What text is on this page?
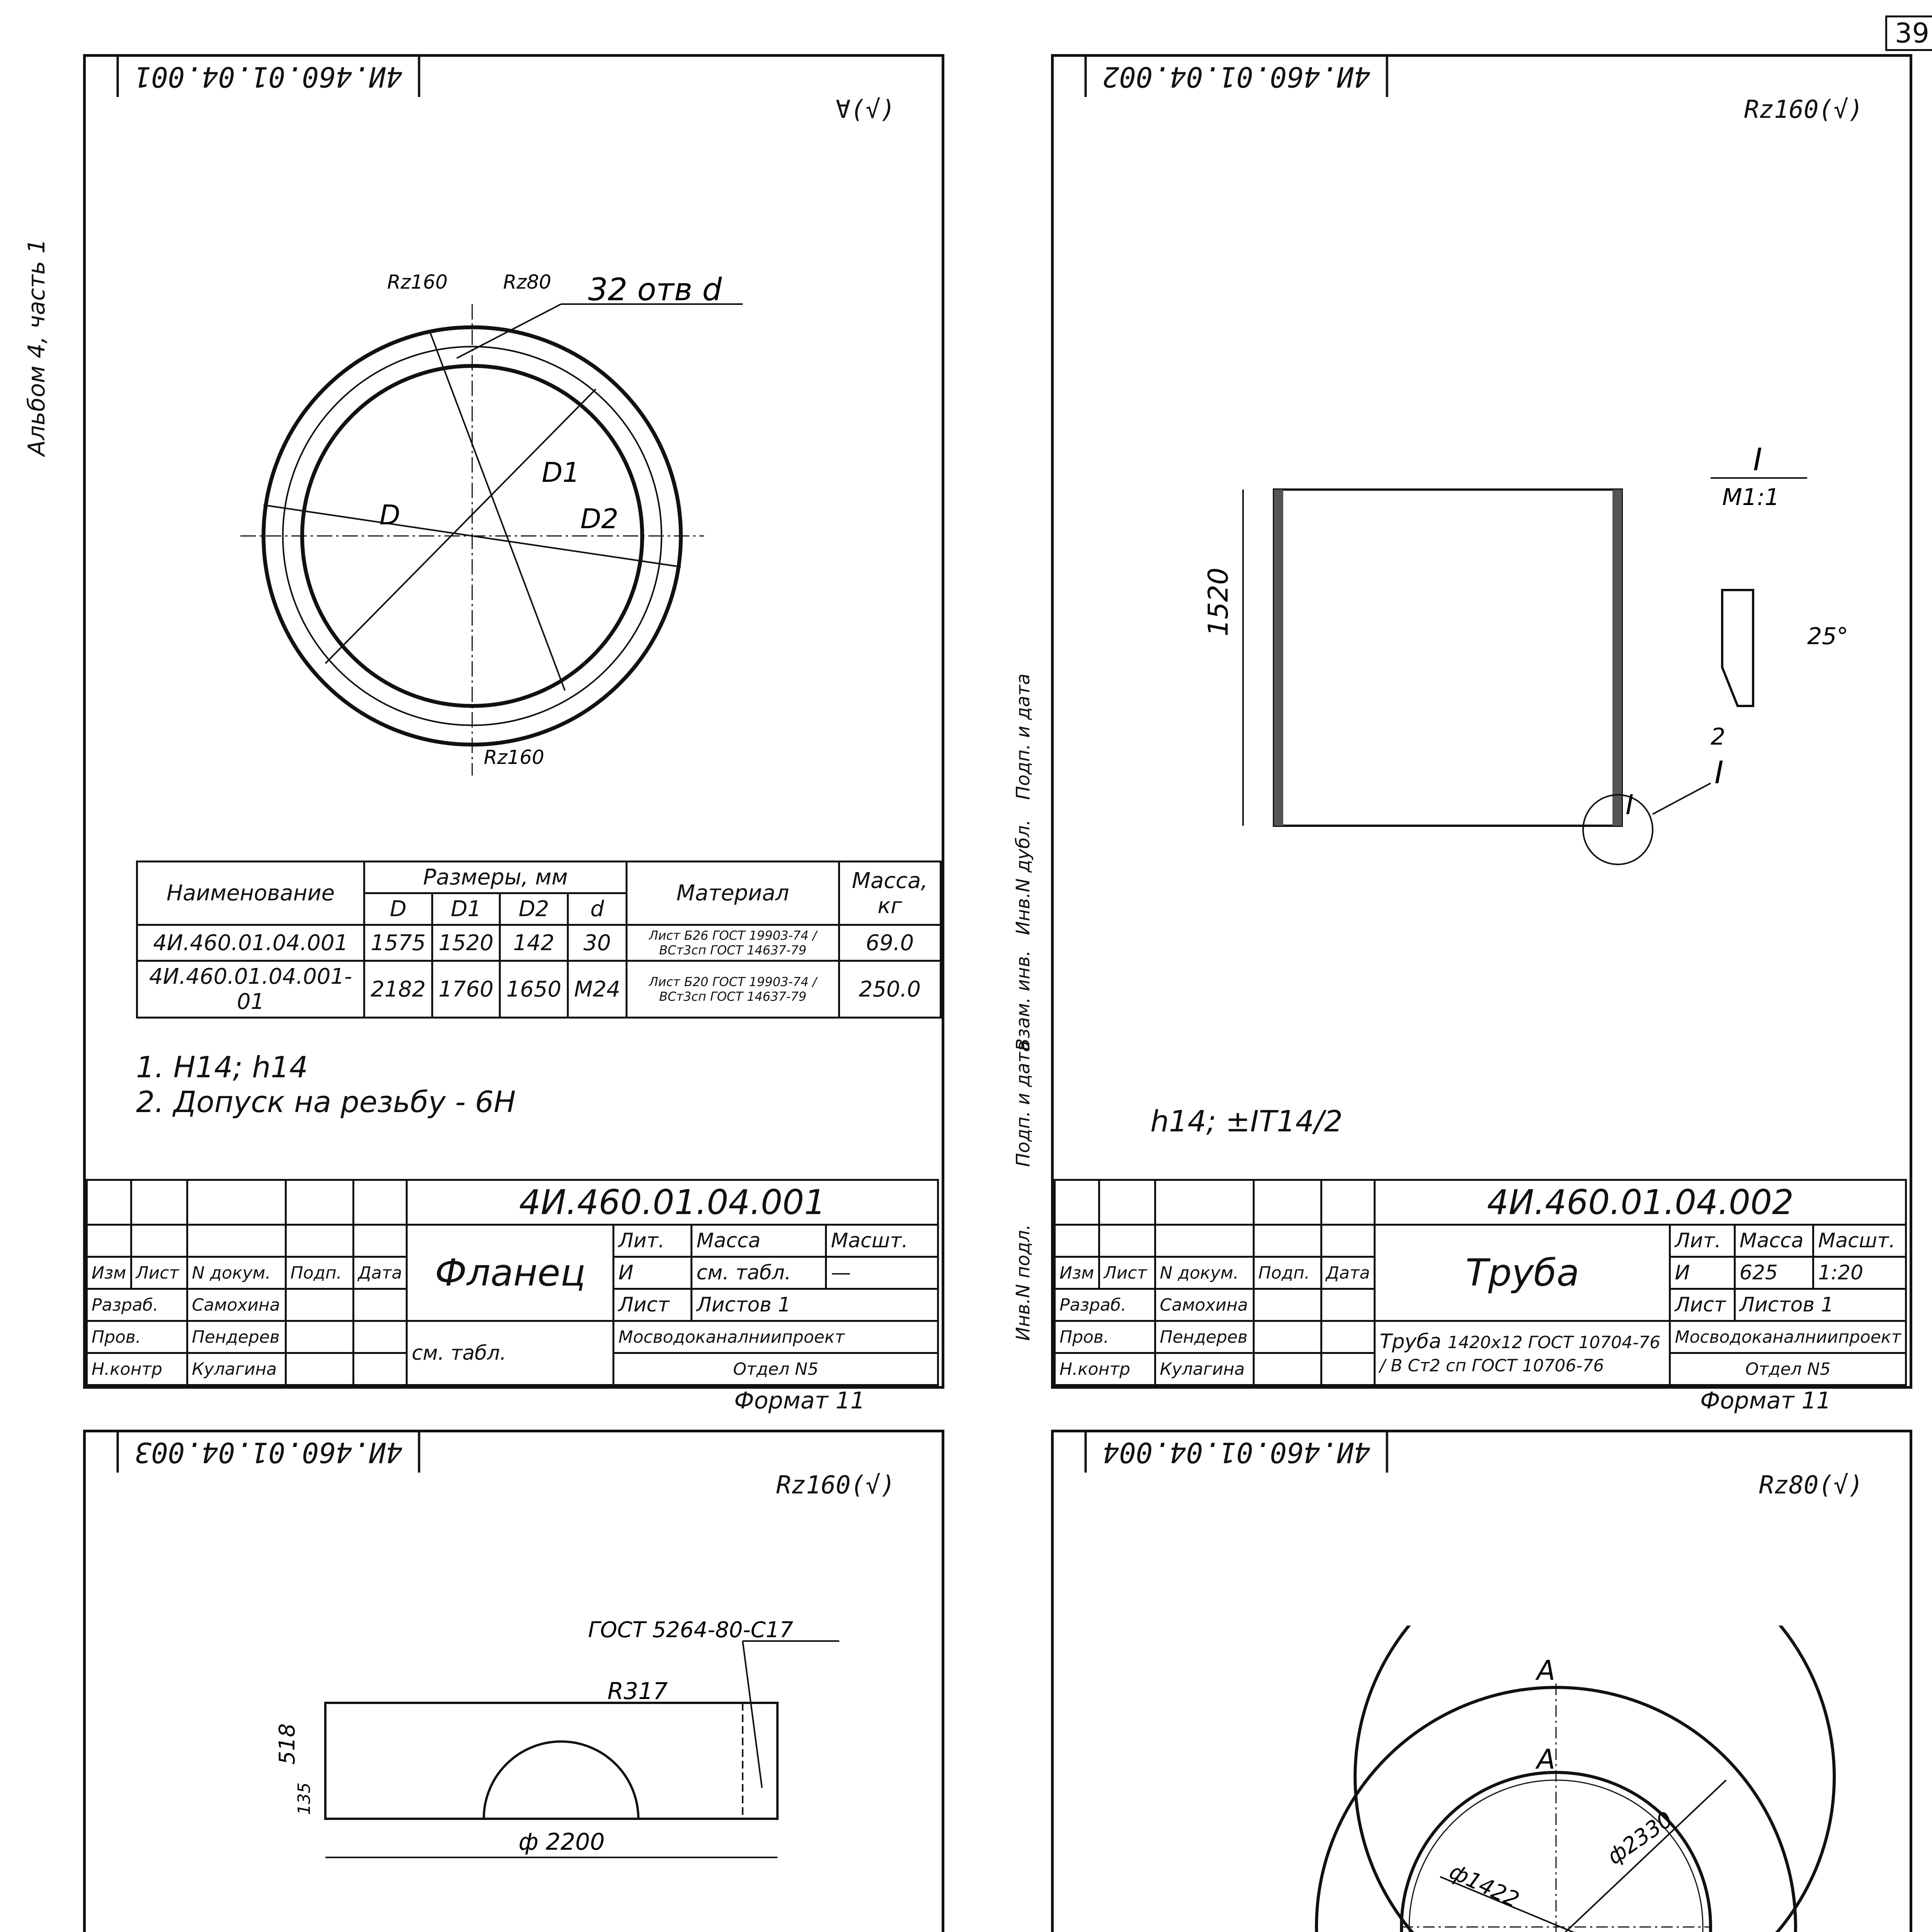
39
Альбом 4, часть 1
4И.460.01.04.001
∀(√)
32 отв d
Rz160	Rz80
Rz160
D
D1
D2
Наименование	Размеры, мм				Материал	Масса, кг
	D	D1	D2	d		
4И.460.01.04.001	1575	1520	142	30	Лист Б26 ГОСТ 19903-74 / ВСт3сп ГОСТ 14637-79	69.0
4И.460.01.04.001-01	2182	1760	1650	М24	Лист Б20 ГОСТ 19903-74 / ВСт3сп ГОСТ 14637-79	250.0
1. H14; h14
2. Допуск на резьбу - 6H
					4И.460.01.04.001			
					Фланец	Лит.	Масса	Масшт.
Изм	Лист	N докум.	Подп.	Дата		И	см. табл.	—
Разраб.		Самохина				Лист	Листов 1	
Пров.		Пендерев			см. табл.	Мосводоканалниипроект		
Н.контр		Кулагина				Отдел N5		
Формат 11
4И.460.01.04.002
Rz160(√)
1520
I
I
I
М1:1
25°
2
h14; ±IT14/2
					4И.460.01.04.002			
					Труба	Лит.	Масса	Масшт.
Изм	Лист	N докум.	Подп.	Дата		И	625	1:20
Разраб.		Самохина				Лист	Листов 1	
Пров.		Пендерев			Труба 1420x12 ГОСТ 10704-76 / В Ст2 сп ГОСТ 10706-76	Мосводоканалниипроект		
Н.контр		Кулагина				Отдел N5		
Формат 11
4И.460.01.04.003
Rz160(√)
ГОСТ 5264-80-С17
R317
518
135
ф 2200

4И.460.01.04.004
Rz80(√)
ф1422
ф2330
А
А

Инв.N подл.
Подп. и дата
Взам. инв.
Инв.N дубл.
Подп. и дата
